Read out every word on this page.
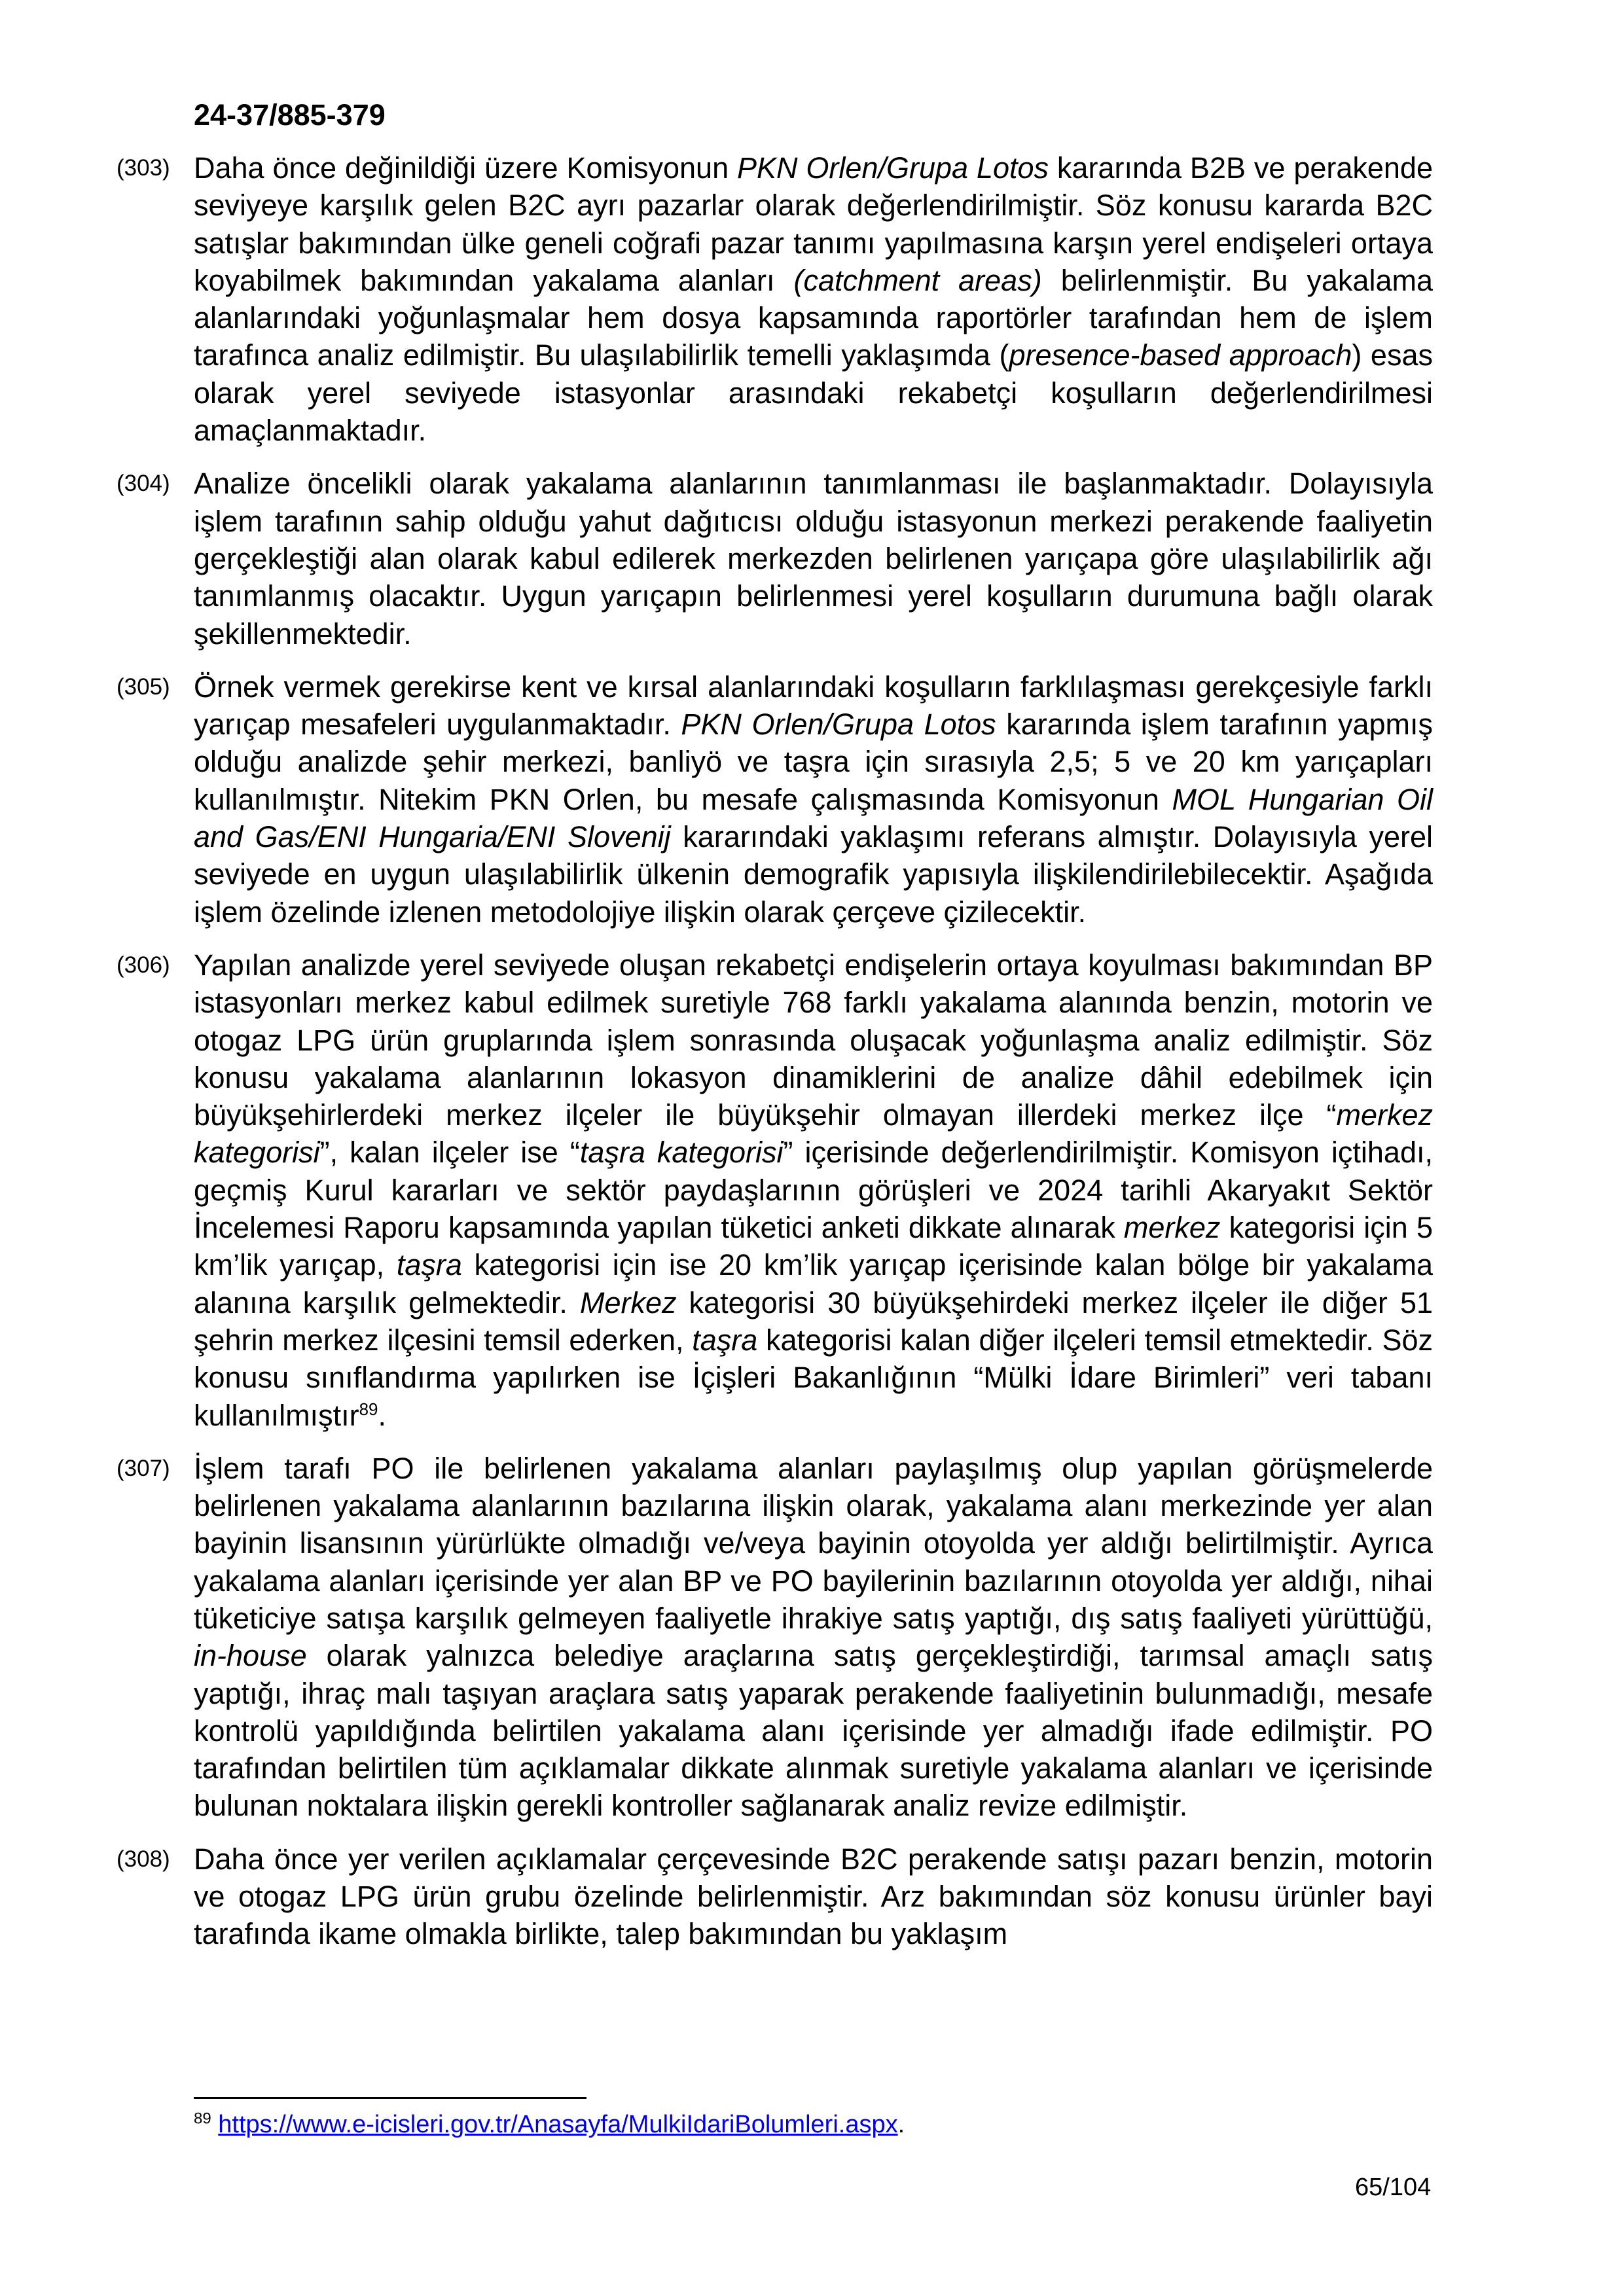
24-37/885-379
(303) Daha önce değinildiği üzere Komisyonun PKN Orlen/Grupa Lotos kararında B2B ve perakende seviyeye karşılık gelen B2C ayrı pazarlar olarak değerlendirilmiştir. Söz konusu kararda B2C satışlar bakımından ülke geneli coğrafi pazar tanımı yapılmasına karşın yerel endişeleri ortaya koyabilmek bakımından yakalama alanları (catchment areas) belirlenmiştir. Bu yakalama alanlarındaki yoğunlaşmalar hem dosya kapsamında raportörler tarafından hem de işlem tarafınca analiz edilmiştir. Bu ulaşılabilirlik temelli yaklaşımda (presence-based approach) esas olarak yerel seviyede istasyonlar arasındaki rekabetçi koşulların değerlendirilmesi amaçlanmaktadır.
(304) Analize öncelikli olarak yakalama alanlarının tanımlanması ile başlanmaktadır. Dolayısıyla işlem tarafının sahip olduğu yahut dağıtıcısı olduğu istasyonun merkezi perakende faaliyetin gerçekleştiği alan olarak kabul edilerek merkezden belirlenen yarıçapa göre ulaşılabilirlik ağı tanımlanmış olacaktır. Uygun yarıçapın belirlenmesi yerel koşulların durumuna bağlı olarak şekillenmektedir.
(305) Örnek vermek gerekirse kent ve kırsal alanlarındaki koşulların farklılaşması gerekçesiyle farklı yarıçap mesafeleri uygulanmaktadır. PKN Orlen/Grupa Lotos kararında işlem tarafının yapmış olduğu analizde şehir merkezi, banliyö ve taşra için sırasıyla 2,5; 5 ve 20 km yarıçapları kullanılmıştır. Nitekim PKN Orlen, bu mesafe çalışmasında Komisyonun MOL Hungarian Oil and Gas/ENI Hungaria/ENI Slovenij kararındaki yaklaşımı referans almıştır. Dolayısıyla yerel seviyede en uygun ulaşılabilirlik ülkenin demografik yapısıyla ilişkilendirilebilecektir. Aşağıda işlem özelinde izlenen metodolojiye ilişkin olarak çerçeve çizilecektir.
(306) Yapılan analizde yerel seviyede oluşan rekabetçi endişelerin ortaya koyulması bakımından BP istasyonları merkez kabul edilmek suretiyle 768 farklı yakalama alanında benzin, motorin ve otogaz LPG ürün gruplarında işlem sonrasında oluşacak yoğunlaşma analiz edilmiştir. Söz konusu yakalama alanlarının lokasyon dinamiklerini de analize dâhil edebilmek için büyükşehirlerdeki merkez ilçeler ile büyükşehir olmayan illerdeki merkez ilçe “merkez kategorisi”, kalan ilçeler ise “taşra kategorisi” içerisinde değerlendirilmiştir. Komisyon içtihadı, geçmiş Kurul kararları ve sektör paydaşlarının görüşleri ve 2024 tarihli Akaryakıt Sektör İncelemesi Raporu kapsamında yapılan tüketici anketi dikkate alınarak merkez kategorisi için 5 km’lik yarıçap, taşra kategorisi için ise 20 km’lik yarıçap içerisinde kalan bölge bir yakalama alanına karşılık gelmektedir. Merkez kategorisi 30 büyükşehirdeki merkez ilçeler ile diğer 51 şehrin merkez ilçesini temsil ederken, taşra kategorisi kalan diğer ilçeleri temsil etmektedir. Söz konusu sınıflandırma yapılırken ise İçişleri Bakanlığının “Mülki İdare Birimleri” veri tabanı kullanılmıştır$^{89}$.
(307) İşlem tarafı PO ile belirlenen yakalama alanları paylaşılmış olup yapılan görüşmelerde belirlenen yakalama alanlarının bazılarına ilişkin olarak, yakalama alanı merkezinde yer alan bayinin lisansının yürürlükte olmadığı ve/veya bayinin otoyolda yer aldığı belirtilmiştir. Ayrıca yakalama alanları içerisinde yer alan BP ve PO bayilerinin bazılarının otoyolda yer aldığı, nihai tüketiciye satışa karşılık gelmeyen faaliyetle ihrakiye satış yaptığı, dış satış faaliyeti yürüttüğü, in-house olarak yalnızca belediye araçlarına satış gerçekleştirdiği, tarımsal amaçlı satış yaptığı, ihraç malı taşıyan araçlara satış yaparak perakende faaliyetinin bulunmadığı, mesafe kontrolü yapıldığında belirtilen yakalama alanı içerisinde yer almadığı ifade edilmiştir. PO tarafından belirtilen tüm açıklamalar dikkate alınmak suretiyle yakalama alanları ve içerisinde bulunan noktalara ilişkin gerekli kontroller sağlanarak analiz revize edilmiştir.
(308) Daha önce yer verilen açıklamalar çerçevesinde B2C perakende satışı pazarı benzin, motorin ve otogaz LPG ürün grubu özelinde belirlenmiştir. Arz bakımından söz konusu ürünler bayi tarafında ikame olmakla birlikte, talep bakımından bu yaklaşım
$^{89}$ https://www.e-icisleri.gov.tr/Anasayfa/MulkiIdariBolumleri.aspx.
65/104
